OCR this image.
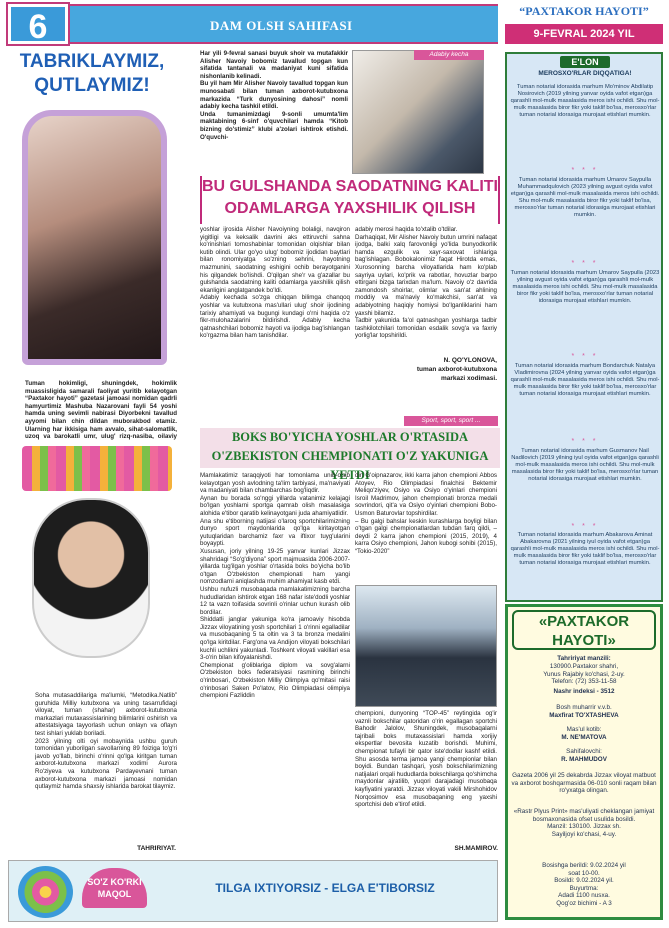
6	DAM OLSH SAHIFASI
“PAXTAKOR HAYOTI”
9-FEVRAL 2024 YIL
TABRIKLAYMIZ, QUTLAYMIZ!
Tuman hokimligi, shuningdek, hokimlik muassisligida samarali faoliyat yuritib kelayotgan “Paxtakor hayoti” gazetasi jamoasi nomidan qadrli hamyurtimiz Mashuba Nazarovani fayli 54 yoshi hamda uning sevimli nabirasi Diyorbekni tavallud ayyomi bilan chin dildan muborakbod etamiz. Ularning har ikkisiga ham avvalo, sihat-salomatlik, uzoq va barokatli umr, ulug' rizq-nasiba, oilaviy
Soha mutasaddilariga ma'lumki, “Metodika.Natlib” guruhida Milliy kutubxona va uning tasarrufidagi viloyat, tuman (shahar) axborot-kutubxona markazlari mutaxassislarining bilimlarini oshirish va attestatsiyaga tayyorlash uchun onlayn va oflayn test ishlari yuklab boriladi.
2023 yilning olti oyi mobaynida ushbu guruh tomonidan yuborilgan savollarning 89 foiziga to'g'ri javob yo'llab, birinchi o'rinni qo'lga kiritgan tuman axborot-kutubxona markazi xodimi Aurora Ro'ziyeva va kutubxona Pardayevnani tuman axborot-kutubxona markazi jamoasi nomidan qutlaymiz hamda shaxsiy ishlarida barokat tilaymiz.
TAHRIRIYAT.
Har yili 9-fevral sanasi buyuk shoir va mutafakkir Alisher Navoiy bobomiz tavallud topgan kun sifatida tantanali va madaniyat kuni sifatida nishonlanib kelinadi.
Bu yil ham Mir Alisher Navoiy tavallud topgan kun munosabati bilan tuman axborot-kutubxona markazida “Turk dunyosining dahosi” nomli adabiy kecha tashkil etildi.
Unda tumanimizdagi 9-sonli umumta'lim maktabining 6-sinf o'quvchilari hamda “Kitob bizning do'stimiz” klubi a'zolari ishtirok etishdi. O'quvchi-
Adabiy kecha
BU GULSHANDA SAODATNING KALITI ODAMLARGA YAXSHILIK QILISH
yoshlar ijrosida Alisher Navoiyning bolaligi, navqiron yigitligi va keksalik davrini aks ettiruvchi sahna ko'rinishlari tomoshabinlar tomonidan olqishlar bilan kutib olindi. Ular go'yo ulug' bobomiz ijodidan baytlari bilan ronomiyatga so'zning sehrini, hayotning mazmunini, saodatning eshigini ochib berayotganini his qilgandek bo'lishdi. O'qilgan she'r va g'azallar bu gulshanda saodatning kaliti odamlarga yaxshilik qilish ekanligini anglatgandek bo'ldi.
Adabiy kechada so'zga chiqqan bilimga chanqoq yoshlar va kutubxona mas'ullari ulug' shoir ijodining tarixiy ahamiyati va bugungi kundagi o'rni haqida o'z fikr-mulohazalarini bildirishdi. Adabiy kecha qatnashchilari bobomiz hayoti va ijodiga bag'ishlangan ko'rgazma bilan ham tanishdilar.
adabiy merosi haqida to'xtalib o'tdilar.
Darhaqiqat, Mir Alisher Navoiy butun umrini nafaqat ijodga, balki xalq farovonligi yo'lida bunyodkorlik hamda ezgulik va xayr-saxovat ishlariga bag'ishlagan. Bobokalonimiz faqat Hirotda emas, Xurosonning barcha viloyatlarida ham ko'plab sayriya uylari, ko'prik va rabotlar, hovuzlar barpo ettirgani bizga tarixdan ma'lum. Navoiy o'z davrida zamondosh shoirlar, olimlar va san'at ahlining moddiy va ma'naviy ko'makchisi, san'at va adabiyotning haqiqiy homiysi bo'lganliklarini ham yaxshi bilamiz.
Tadbir yakunida fa'ol qatnashgan yoshlarga tadbir tashkilotchilari tomonidan esdalik sovg'a va faxriy yorlig'lar topshirildi.
N. QO'YLONOVA,
tuman axborot-kutubxona
markazi xodimasi.
Sport, sport, sport ...
BOKS BO'YICHA YOSHLAR O'RTASIDA O'ZBEKISTON CHEMPIONATI O'Z YAKUNIGA YETDI
Mamlakatimiz taraqqiyoti har tomonlama unib-o'sib kelayotgan yosh avlodning ta'lim tarbiyasi, ma'naviyati va madaniyati bilan chambarchas bog'liqdir.
Aynan bu borada so'nggi yillarda vatanimiz kelajagi bo'lgan yoshlarni sportga qamrab olish masalasiga alohida e'tibor qaratib kelinayotgani juda ahamiyatlidir.
Ana shu e'tiborning natijasi o'laroq sportchilarimizning dunyo sport maydonlarida qo'lga kiritayotgan yutuqlaridan barchamiz faxr va iftixor tuyg'ularini boyaypti.
Xususan, joriy yilning 19-25 yanvar kunlari Jizzax shahridagi “So'g'diyona” sport majmuasida 2006-2007-yillarda tug'ilgan yoshlar o'rtasida boks bo'yicha bo'lib o'tgan O'zbekiston chempionati ham yangi nomzodlarni aniqlashda muhim ahamiyat kasb etdi.
Ushbu nufuzli musobaqada mamlakatimizning barcha hududlaridan ishtirok etgan 168 nafar iste'dodli yoshlar 12 ta vazn toifasida sovrinli o'rinlar uchun kurash olib bordilar.
Shiddatli janglar yakuniga ko'ra jamoaviy hisobda Jizzax viloyatining yosh sportchilari 1 o'rinni egalladilar va musobaqaning 5 ta oltin va 3 ta bronza medalini qo'lga kiritdilar. Farg'ona va Andijon viloyati bokschilari kuchli uchlikni yakunladi. Toshkent viloyati vakillari esa 3-o'rin bilan kifoyalanishdi.
Chempionat g'oliblariga diplom va sovg'alarni O'zbekiston boks federatsiyasi rasmining birinchi o'rinbosari, O'zbekiston Milliy Olimpiya qo'mitasi raisi o'rinbosari Saken Po'latov, Rio Olimpiadasi olimpiya chempioni Fazliddin
din G'oipnazarov, ikki karra jahon chempioni Abbos Atoyev, Rio Olimpiadasi finalchisi Bektemir Meliqo'ziyev, Osiyo va Osiyo o'yinlari chempioni Isroil Madrimov, jahon chempionati bronza medali sovrindori, qit'a va Osiyo o'yinlari chempioni Bobo-Usmon Baturovlar topshirdilar.
– Bu galgi bahslar keskin kurashlarga boyligi bilan o'tgan galgi chempionatlardan tubdan farq qildi, – deydi 2 karra jahon chempioni (2015, 2019), 4 karra Osiyo chempioni, Jahon kubogi sohibi (2015), “Tokio-2020”
chempioni, dunyoning “TOP-45” reytingida og'ir vaznli bokschilar qatoridan o'rin egallagan sportchi Bahodir Jalolov, Shuningdek, musobaqalarni tajribali boks mutaxassislari hamda xorijiy ekspertlar bevosita kuzatib borishdi. Muhimi, chempionat tufayli bir qator iste'dodlar kashf etildi. Shu asosda terma jamoa yangi chempionlar bilan boyidi. Bundan tashqari, yosh bokschilarimizning natijalari orqali hududlarda bokschilarga qo'shimcha maydonlar ajratilib, yuqori darajadagi musobaqa kayfiyatini yaratdi. Jizzax viloyati vakili Mirshohidov Norqosimov esa musobaqaning eng yaxshi sportchisi deb e'tirof etildi.
SH.MAMIROV.
E'LON
MEROSXO'RLAR DIQQATIGA!
Tuman notarial idorasida marhum Mo'minov Abdilatip Nosirovich (2019 yilning yanvar oyida vafot etgan)ga qarashli mol-mulk masalasida meros ishi ochildi. Shu mol-mulk masalasida biror fikr yoki taklif bo'lsa, merosxo'rlar tuman notarial idorasiga murojaat etishlari mumkin.
* * *
Tuman notarial idorasida marhum Umarov Saypulla Muhammadqulovich (2023 yilning avgust oyida vafot etgan)ga qarashli mol-mulk masalasida meros ishi ochildi. Shu mol-mulk masalasida biror fikr yoki taklif bo'lsa, merosxo'rlar tuman notarial idorasiga murojaat etishlari mumkin.
* * *
Tuman notarial idorasida marhum Umarov Saypulla (2023 yilning avgust oyida vafot etgan)ga qarashli mol-mulk masalasida meros ishi ochildi. Shu mol-mulk masalasida biror fikr yoki taklif bo'lsa, merosxo'rlar tuman notarial idorasiga murojaat etishlari mumkin.
* * *
Tuman notarial idorasida marhum Bondarchuk Natalya Vladimirovna (2024 yilning yanvar oyida vafot etgan)ga qarashli mol-mulk masalasida meros ishi ochildi. Shu mol-mulk masalasida biror fikr yoki taklif bo'lsa, merosxo'rlar tuman notarial idorasiga murojaat etishlari mumkin.
* * *
Tuman notarial idorasida marhum Gusmanov Nail Nadilovich (2019 yilning iyul oyida vafot etgan)ga qarashli mol-mulk masalasida meros ishi ochildi. Shu mol-mulk masalasida biror fikr yoki taklif bo'lsa, merosxo'rlar tuman notarial idorasiga murojaat etishlari mumkin.
* * *
Tuman notarial idorasida marhum Abakarova Aminat Abakarovna (2021 yilning iyul oyida vafot etgan)ga qarashli mol-mulk masalasida meros ishi ochildi. Shu mol-mulk masalasida biror fikr yoki taklif bo'lsa, merosxo'rlar tuman notarial idorasiga murojaat etishlari mumkin.
«PAXTAKOR HAYOTI»
Tahririyat manzili:
130900.Paxtakor shahri,
Yunus Rajabiy ko'chasi, 2-uy.
Telefon: (72) 353-11-58
Nashr indeksi - 3512
Bosh muharrir v.v.b.
Maxfirat TO'XTASHEVA
Mas'ul kotib:
M. NE'MATOVA
Sahifalovchi:
R. MAHMUDOV
Gazeta 2006 yil 25 dekabrda Jizzax viloyat matbuot va axborot boshqarmasida 06-010 sonli raqam bilan ro'yxatga olingan.
«Rastr Plyus Print» mas'uliyati cheklangan jamiyat bosmaxonasida ofset usulida bosildi.
Manzil: 130100. Jizzax sh.
Sayiljoyi ko'chasi, 4-uy.
Bosishga berildi: 9.02.2024 yil
soat 10-00.
Bosildi: 9.02.2024 yil.
Buyurtma:
Adadi 1100 nusxa.
Qog'oz bichimi - A 3
SO'Z KO'RKI MAQOL	TILGA IXTIYORSIZ - ELGA E'TIBORSIZ
